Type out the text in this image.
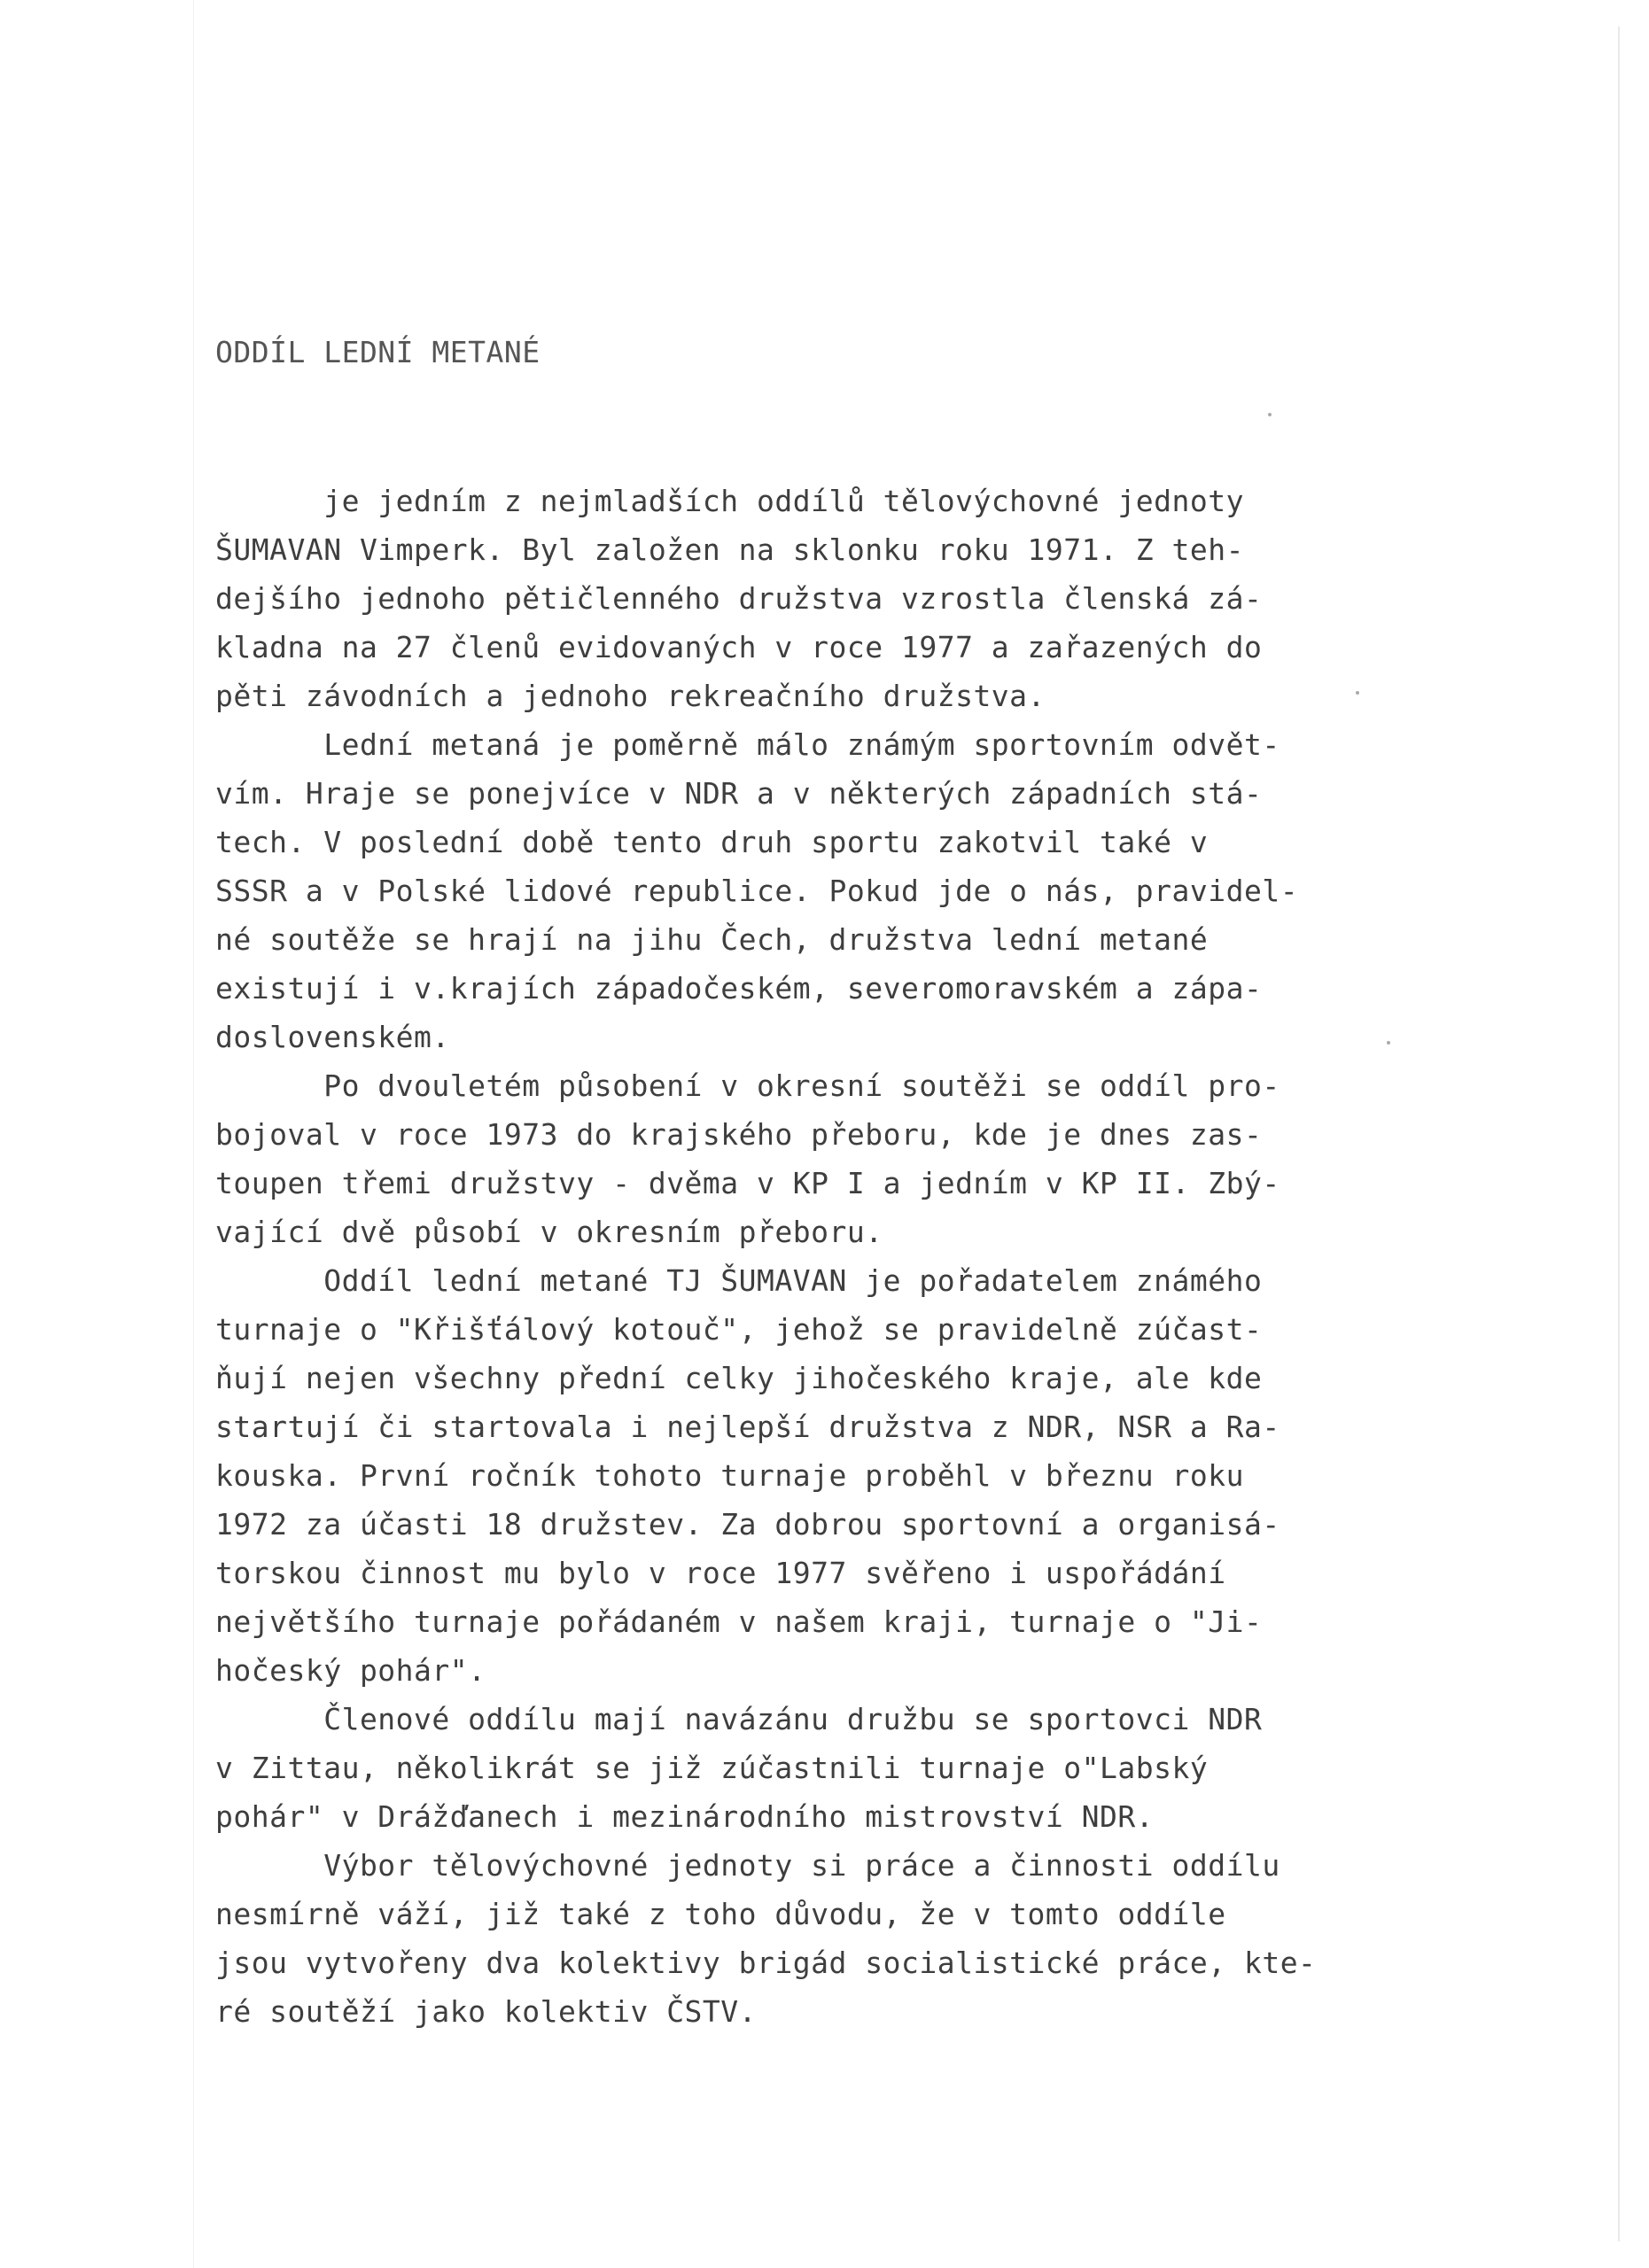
ODDÍL LEDNÍ METANÉ
je jedním z nejmladších oddílů tělovýchovné jednoty
ŠUMAVAN Vimperk. Byl založen na sklonku roku 1971. Z teh-
dejšího jednoho pětičlenného družstva vzrostla členská zá-
kladna na 27 členů evidovaných v roce 1977 a zařazených do
pěti závodních a jednoho rekreačního družstva.
Lední metaná je poměrně málo známým sportovním odvět-
vím. Hraje se ponejvíce v NDR a v některých západních stá-
tech. V poslední době tento druh sportu zakotvil také v
SSSR a v Polské lidové republice. Pokud jde o nás, pravidel-
né soutěže se hrají na jihu Čech, družstva lední metané
existují i v.krajích západočeském, severomoravském a zápa-
doslovenském.
Po dvouletém působení v okresní soutěži se oddíl pro-
bojoval v roce 1973 do krajského přeboru, kde je dnes zas-
toupen třemi družstvy - dvěma v KP I a jedním v KP II. Zbý-
vající dvě působí v okresním přeboru.
Oddíl lední metané TJ ŠUMAVAN je pořadatelem známého
turnaje o "Křišťálový kotouč", jehož se pravidelně zúčast-
ňují nejen všechny přední celky jihočeského kraje, ale kde
startují či startovala i nejlepší družstva z NDR, NSR a Ra-
kouska. První ročník tohoto turnaje proběhl v březnu roku
1972 za účasti 18 družstev. Za dobrou sportovní a organisá-
torskou činnost mu bylo v roce 1977 svěřeno i uspořádání
největšího turnaje pořádaném v našem kraji, turnaje o "Ji-
hočeský pohár".
Členové oddílu mají navázánu družbu se sportovci NDR
v Zittau, několikrát se již zúčastnili turnaje o"Labský
pohár" v Drážďanech i mezinárodního mistrovství NDR.
Výbor tělovýchovné jednoty si práce a činnosti oddílu
nesmírně váží, již také z toho důvodu, že v tomto oddíle
jsou vytvořeny dva kolektivy brigád socialistické práce, kte-
ré soutěží jako kolektiv ČSTV.
